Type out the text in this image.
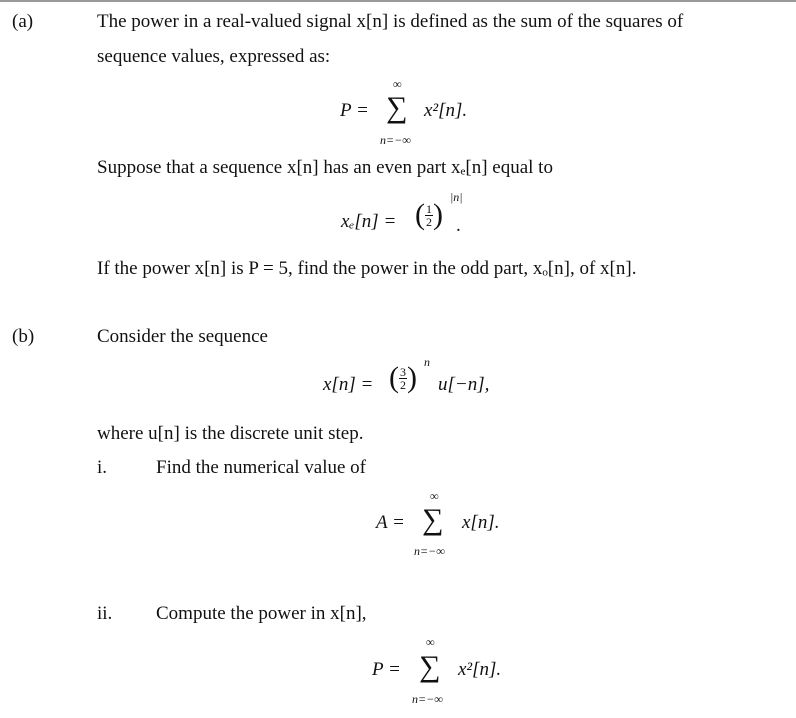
(a)	The power in a real-valued signal x[n] is defined as the sum of the squares of
sequence values, expressed as:
P =
∞
∑
n=−∞
x²[n].
Suppose that a sequence x[n] has an even part xₑ[n] equal to
xₑ[n] = ( $\frac{1}{2}$ )
|n|
.
If the power x[n] is P = 5, find the power in the odd part, xₒ[n], of x[n].
(b)	Consider the sequence
x[n] = ( $\frac{3}{2}$ ) n
u[−n],
where u[n] is the discrete unit step.
i.	Find the numerical value of
A =
∞
∑
n=−∞
x[n].
ii. Compute the power in x[n],
P =
∞
∑
n=−∞
x²[n].
